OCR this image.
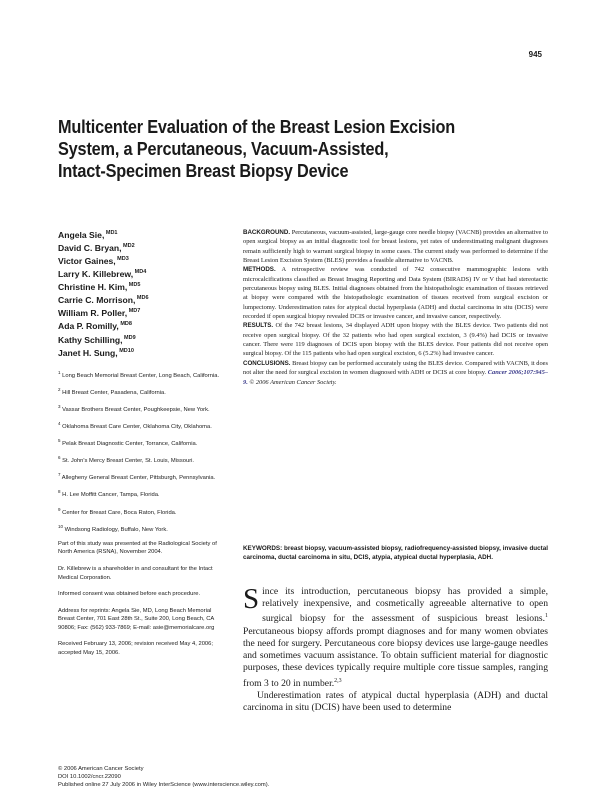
945
Multicenter Evaluation of the Breast Lesion Excision
System, a Percutaneous, Vacuum-Assisted,
Intact-Specimen Breast Biopsy Device
Angela Sie, $^{MD1}$
David C. Bryan, $^{MD2}$
Victor Gaines, $^{MD3}$
Larry K. Killebrew, $^{MD4}$
Christine H. Kim, $^{MD5}$
Carrie C. Morrison, $^{MD6}$
William R. Poller, $^{MD7}$
Ada P. Romilly, $^{MD8}$
Kathy Schilling, $^{MD9}$
Janet H. Sung, $^{MD10}$
$^1$ Long Beach Memorial Breast Center, Long Beach, California.
$^2$ Hill Breast Center, Pasadena, California.
$^3$ Vassar Brothers Breast Center, Poughkeepsie, New York.
$^4$ Oklahoma Breast Care Center, Oklahoma City, Oklahoma.
$^5$ Pelak Breast Diagnostic Center, Torrance, California.
$^6$ St. John's Mercy Breast Center, St. Louis, Missouri.
$^7$ Allegheny General Breast Center, Pittsburgh, Pennsylvania.
$^8$ H. Lee Moffitt Cancer, Tampa, Florida.
$^9$ Center for Breast Care, Boca Raton, Florida.
$^{10}$ Windsong Radiology, Buffalo, New York.

Part of this study was presented at the Radiological Society of North America (RSNA), November 2004.

Dr. Killebrew is a shareholder in and consultant for the Intact Medical Corporation.

Informed consent was obtained before each procedure.

Address for reprints: Angela Sie, MD, Long Beach Memorial Breast Center, 701 East 28th St., Suite 200, Long Beach, CA 90806; Fax: (562) 933-7869; E-mail: asie@memorialcare.org

Received February 13, 2006; revision received May 4, 2006; accepted May 15, 2006.

BACKGROUND. Percutaneous, vacuum-assisted, large-gauge core needle biopsy (VACNB) provides an alternative to open surgical biopsy as an initial diagnostic tool for breast lesions, yet rates of underestimating malignant diagnoses remain sufficiently high to warrant surgical biopsy in some cases. The current study was performed to determine if the Breast Lesion Excision System (BLES) provides a feasible alternative to VACNB.

METHODS. A retrospective review was conducted of 742 consecutive mammographic lesions with microcalcifications classified as Breast Imaging Reporting and Data System (BIRADS) IV or V that had stereotactic percutaneous biopsy using BLES. Initial diagnoses obtained from the histopathologic examination of tissues retrieved at biopsy were compared with the histopathologic examination of tissues received from surgical excision or lumpectomy. Underestimation rates for atypical ductal hyperplasia (ADH) and ductal carcinoma in situ (DCIS) were recorded if open surgical biopsy revealed DCIS or invasive cancer, and invasive cancer, respectively.

RESULTS. Of the 742 breast lesions, 34 displayed ADH upon biopsy with the BLES device. Two patients did not receive open surgical biopsy. Of the 32 patients who had open surgical excision, 3 (9.4%) had DCIS or invasive cancer. There were 119 diagnoses of DCIS upon biopsy with the BLES device. Four patients did not receive open surgical biopsy. Of the 115 patients who had open surgical excision, 6 (5.2%) had invasive cancer.

CONCLUSIONS. Breast biopsy can be performed accurately using the BLES device. Compared with VACNB, it does not alter the need for surgical excision in women diagnosed with ADH or DCIS at core biopsy. Cancer 2006;107:945–9. © 2006 American Cancer Society.

KEYWORDS: breast biopsy, vacuum-assisted biopsy, radiofrequency-assisted biopsy, invasive ductal carcinoma, ductal carcinoma in situ, DCIS, atypia, atypical ductal hyperplasia, ADH.

Since its introduction, percutaneous biopsy has provided a simple, relatively inexpensive, and cosmetically agreeable alternative to open surgical biopsy for the assessment of suspicious breast lesions.$^1$ Percutaneous biopsy affords prompt diagnoses and for many women obviates the need for surgery. Percutaneous core biopsy devices use large-gauge needles and sometimes vacuum assistance. To obtain sufficient material for diagnostic purposes, these devices typically require multiple core tissue samples, ranging from 3 to 20 in number.$^{2,3}$

Underestimation rates of atypical ductal hyperplasia (ADH) and ductal carcinoma in situ (DCIS) have been used to determine

© 2006 American Cancer Society
DOI 10.1002/cncr.22090
Published online 27 July 2006 in Wiley InterScience (www.interscience.wiley.com).
